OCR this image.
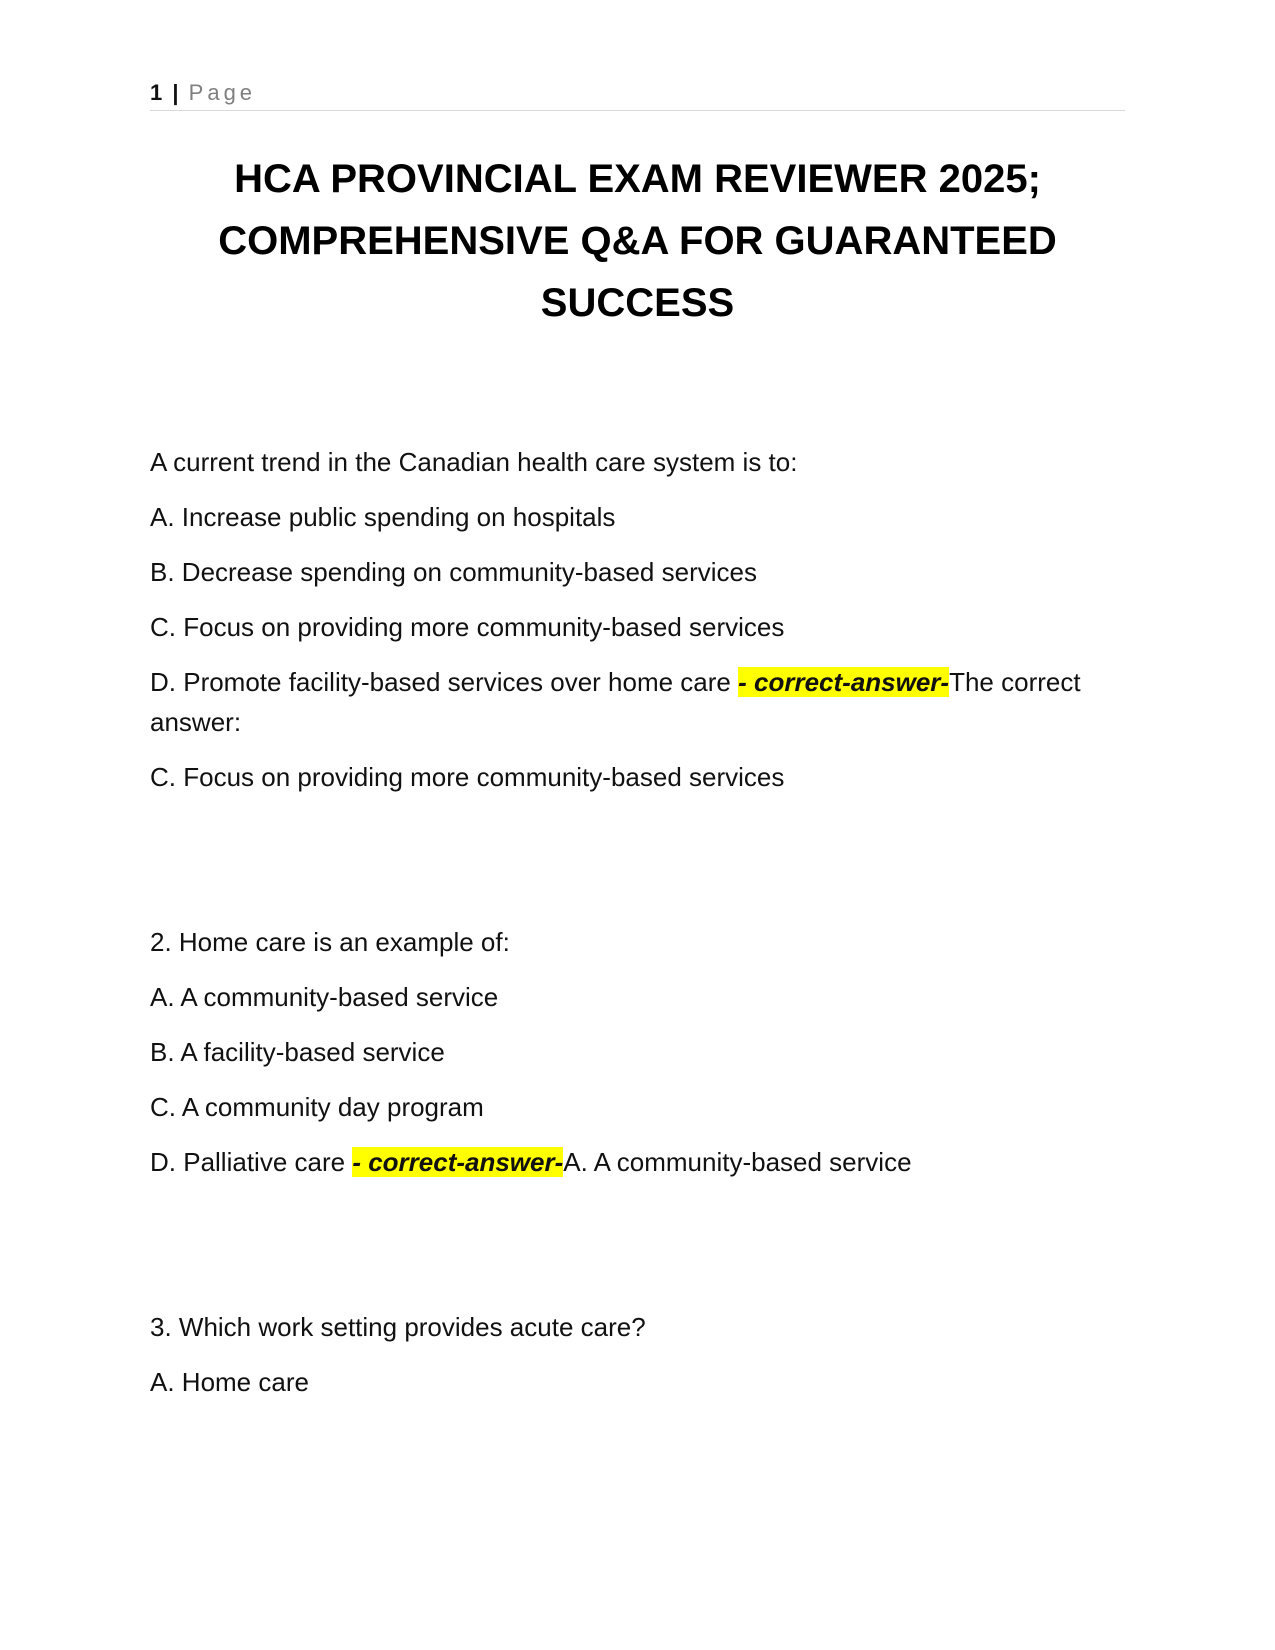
1 | Page
HCA PROVINCIAL EXAM REVIEWER 2025;
COMPREHENSIVE Q&A FOR GUARANTEED
SUCCESS
A current trend in the Canadian health care system is to:
A. Increase public spending on hospitals
B. Decrease spending on community-based services
C. Focus on providing more community-based services
D. Promote facility-based services over home care - correct-answer-The correct
answer:
C. Focus on providing more community-based services
2. Home care is an example of:
A. A community-based service
B. A facility-based service
C. A community day program
D. Palliative care - correct-answer-A. A community-based service
3. Which work setting provides acute care?
A. Home care
